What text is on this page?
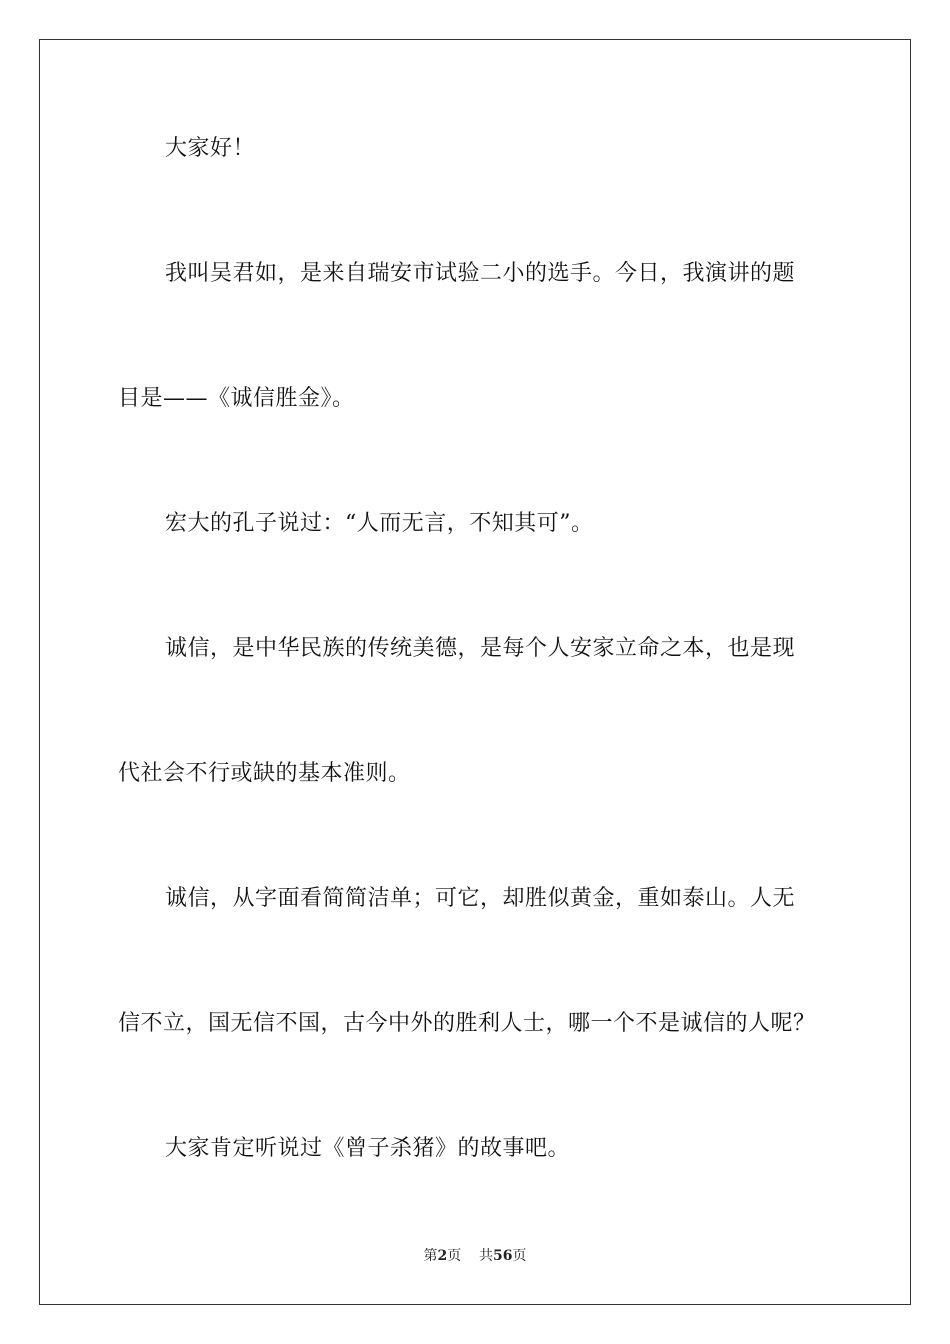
大家好！
我叫吴君如，是来自瑞安市试验二小的选手。今日，我演讲的题
目是——《诚信胜金》。
宏大的孔子说过：“人而无言，不知其可”。
诚信，是中华民族的传统美德，是每个人安家立命之本，也是现
代社会不行或缺的基本准则。
诚信，从字面看简简洁单；可它，却胜似黄金，重如泰山。人无
信不立，国无信不国，古今中外的胜利人士，哪一个不是诚信的人呢？
大家肯定听说过《曾子杀猪》的故事吧。
第2页 共56页
